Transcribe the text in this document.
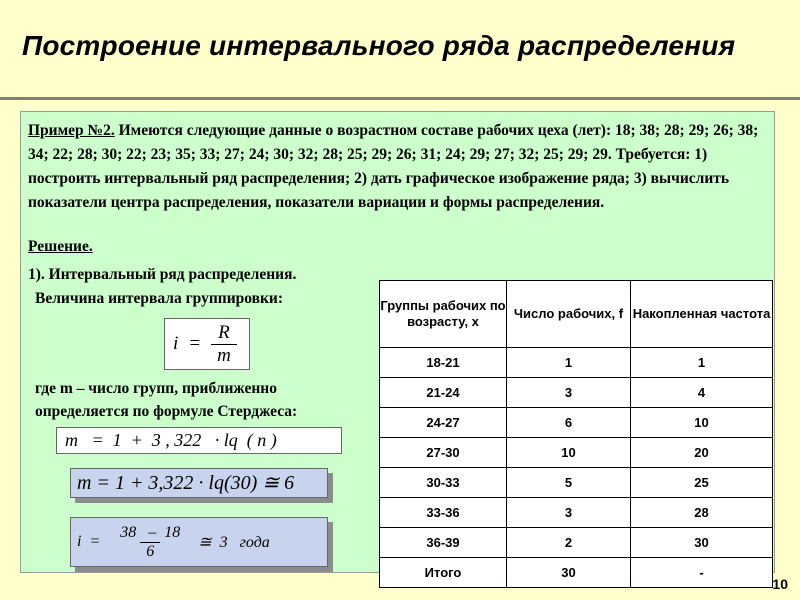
Построение интервального ряда распределения

Пример №2. Имеются следующие данные о возрастном составе рабочих цеха (лет): 18; 38; 28; 29; 26; 38; 34; 22; 28; 30; 22; 23; 35; 33; 27; 24; 30; 32; 28; 25; 29; 26; 31; 24; 29; 27; 32; 25; 29; 29. Требуется: 1) построить интервальный ряд распределения; 2) дать графическое изображение ряда; 3) вычислить показатели центра распределения, показатели вариации и формы распределения.

Решение.
1). Интервальный ряд распределения.
Величина интервала группировки:
$i = \frac{R}{m}$
где m – число групп, приближенно
определяется по формуле Стерджеса:
m   =  1  +  3 , 322   · lq  ( n )
m = 1 + 3,322 · lq(30) ≅ 6
$i = \frac{38 - 18}{6}$ ≅  3   года
Группы рабочих по возрасту, х	Число рабочих, f	Накопленная частота
18-21	1	1
21-24	3	4
24-27	6	10
27-30	10	20
30-33	5	25
33-36	3	28
36-39	2	30
Итого	30	-
10
